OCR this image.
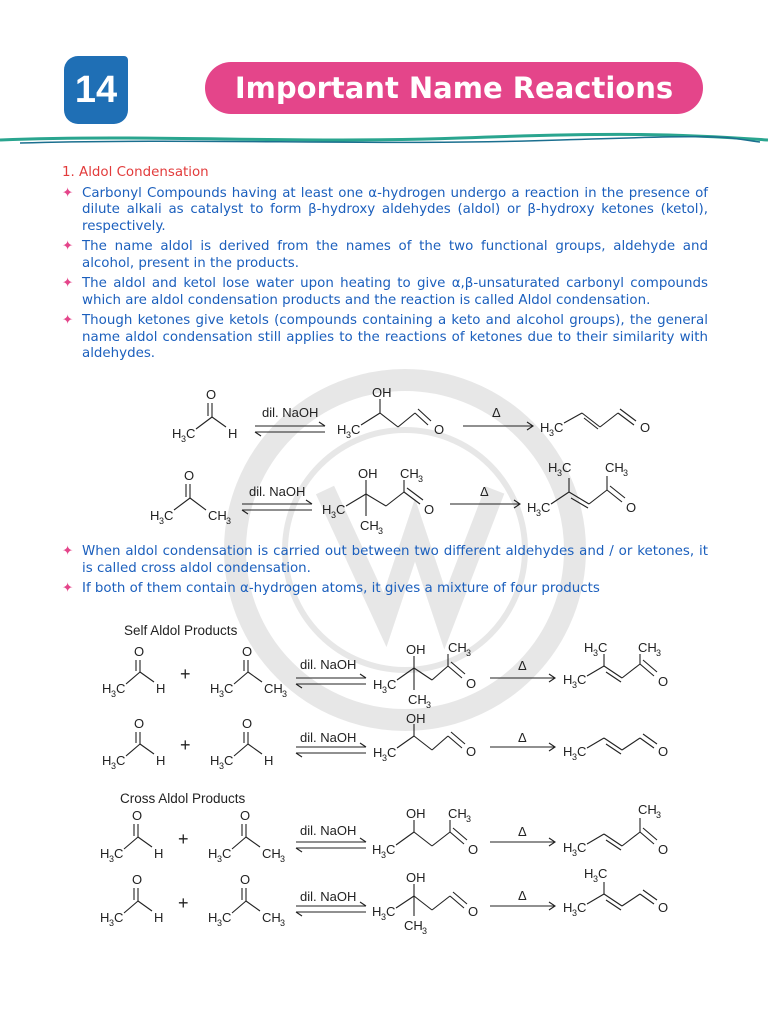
14	Important Name Reactions
1. Aldol Condensation
✦ Carbonyl Compounds having at least one α-hydrogen undergo a reaction in the presence of dilute alkali as catalyst to form β-hydroxy aldehydes (aldol) or β-hydroxy ketones (ketol), respectively.
✦ The name aldol is derived from the names of the two functional groups, aldehyde and alcohol, present in the products.
✦ The aldol and ketol lose water upon heating to give α,β-unsaturated carbonyl compounds which are aldol condensation products and the reaction is called Aldol condensation.
✦ Though ketones give ketols (compounds containing a keto and alcohol groups), the general name aldol condensation still applies to the reactions of ketones due to their similarity with aldehydes.
✦ When aldol condensation is carried out between two different aldehydes and / or ketones, it is called cross aldol condensation.
✦ If both of them contain α-hydrogen atoms, it gives a mixture of four products
H 3 C
O
H
dil. NaOH
H 3 C
OH
O
Δ
H 3 C	O
H 3 C
O
CH 3
dil. NaOH
H 3 C
OH
CH 3
CH 3
O
Δ
H 3 C
H 3 C	CH 3
O
Self Aldol Products
H 3 C
O
H
+
H 3 C
O
CH 3
dil. NaOH
H 3 C
OH
CH 3
CH 3
O
Δ
H 3 C
H 3 C CH 3
O
H 3 C
O
H
+
H 3 C
O
H
dil. NaOH
H 3 C
OH
O
Δ
H 3 C	O
Cross Aldol Products
H 3 C
O
H
+
H 3 C
O
CH 3
dil. NaOH
H 3 C
OH CH 3
O
Δ
H 3 C
CH 3
O
H 3 C
O
H
+
H 3 C
O
CH 3
dil. NaOH
H 3 C
OH
CH 3
O
Δ
H 3 C
H 3 C
O
